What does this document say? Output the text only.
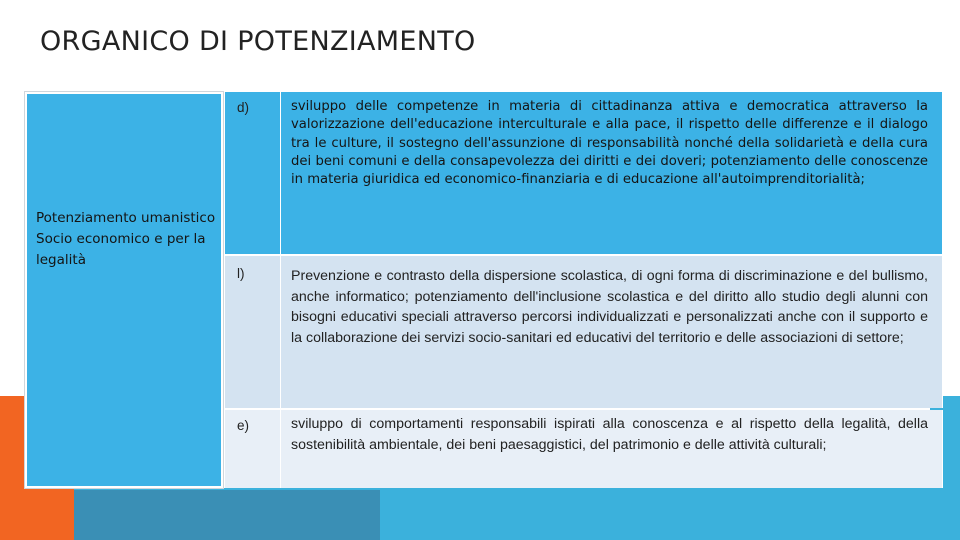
ORGANICO DI POTENZIAMENTO
Potenziamento umanistico Socio economico e per la legalità
d)	sviluppo delle competenze in materia di cittadinanza attiva e democratica attraverso la valorizzazione dell'educazione interculturale e alla pace, il rispetto delle differenze e il dialogo tra le culture, il sostegno dell'assunzione di responsabilità nonché della solidarietà e della cura dei beni comuni e della consapevolezza dei diritti e dei doveri; potenziamento delle conoscenze in materia giuridica ed economico-finanziaria e di educazione all'autoimprenditorialità;
l)	Prevenzione e contrasto della dispersione scolastica, di ogni forma di discriminazione e del bullismo, anche informatico; potenziamento dell'inclusione scolastica e del diritto allo studio degli alunni con bisogni educativi speciali attraverso percorsi individualizzati e personalizzati anche con il supporto e la collaborazione dei servizi socio-sanitari ed educativi del territorio e delle associazioni di settore;
e)	sviluppo di comportamenti responsabili ispirati alla conoscenza e al rispetto della legalità, della sostenibilità ambientale, dei beni paesaggistici, del patrimonio e delle attività culturali;
